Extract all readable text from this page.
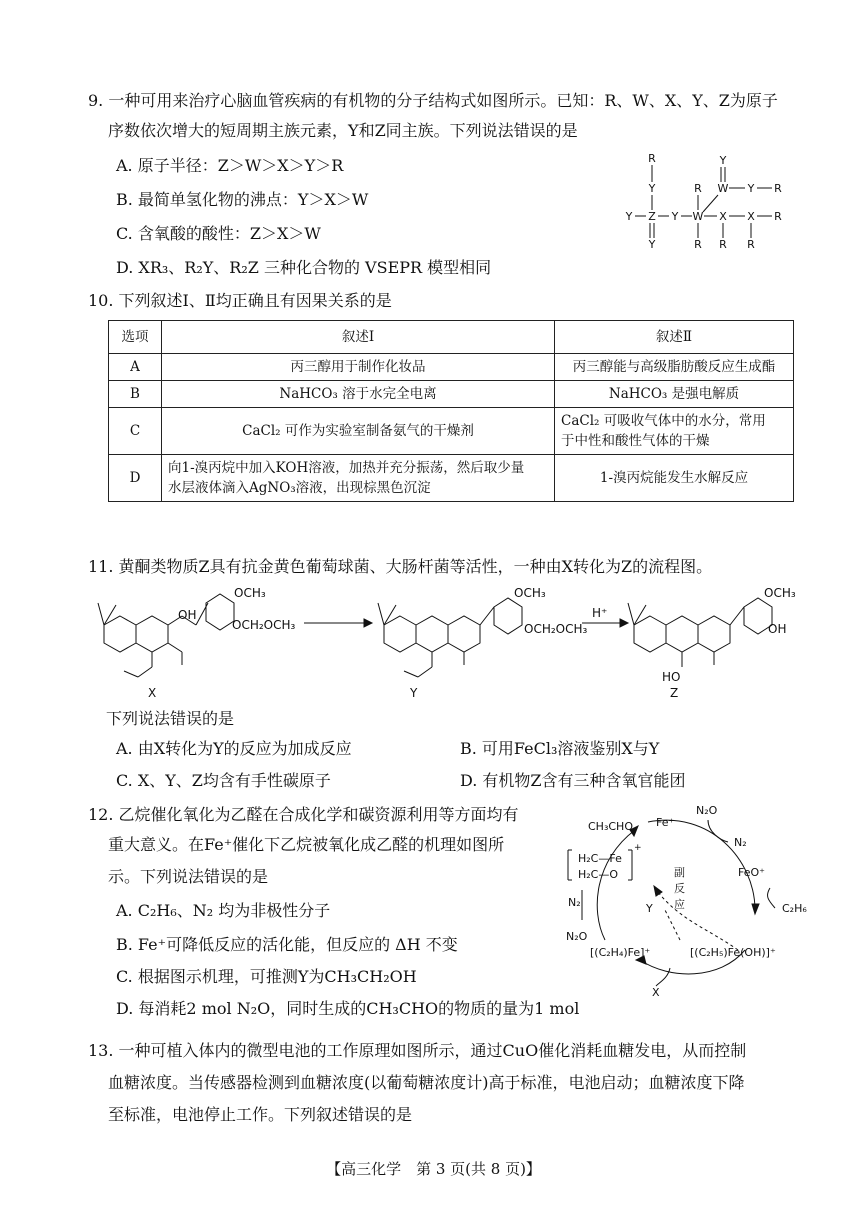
9. 一种可用来治疗心脑血管疾病的有机物的分子结构式如图所示。已知：R、W、X、Y、Z为原子
序数依次增大的短周期主族元素，Y和Z同主族。下列说法错误的是
A. 原子半径：Z＞W＞X＞Y＞R
B. 最简单氢化物的沸点：Y＞X＞W
C. 含氧酸的酸性：Z＞X＞W
D. XR₃、R₂Y、R₂Z 三种化合物的 VSEPR 模型相同
R
Y
Y Z Y
Y
R
W
R
Y
W Y R
X X R
R R
10. 下列叙述Ⅰ、Ⅱ均正确且有因果关系的是
选项	叙述Ⅰ	叙述Ⅱ
A	丙三醇用于制作化妆品	丙三醇能与高级脂肪酸反应生成酯
B	NaHCO₃ 溶于水完全电离	NaHCO₃ 是强电解质
C	CaCl₂ 可作为实验室制备氨气的干燥剂	CaCl₂ 可吸收气体中的水分，常用
于中性和酸性气体的干燥

D	向1-溴丙烷中加入KOH溶液，加热并充分振荡，然后取少量
水层液体滴入AgNO₃溶液，出现棕黑色沉淀	1-溴丙烷能发生水解反应
11. 黄酮类物质Z具有抗金黄色葡萄球菌、大肠杆菌等活性，一种由X转化为Z的流程图。
OH
OCH₃
OCH₂OCH₃
OCH₃
OCH₂OCH₃
H⁺
OCH₃
OH
HO
X	Y	Z
下列说法错误的是
A. 由X转化为Y的反应为加成反应	B. 可用FeCl₃溶液鉴别X与Y
C. X、Y、Z均含有手性碳原子	D. 有机物Z含有三种含氧官能团
12. 乙烷催化氧化为乙醛在合成化学和碳资源利用等方面均有
重大意义。在Fe⁺催化下乙烷被氧化成乙醛的机理如图所
示。下列说法错误的是
A. C₂H₆、N₂ 均为非极性分子
B. Fe⁺可降低反应的活化能，但反应的 ΔH 不变
C. 根据图示机理，可推测Y为CH₃CH₂OH
D. 每消耗2 mol N₂O，同时生成的CH₃CHO的物质的量为1 mol
CH₃CHO Fe⁺
N₂O
N₂
FeO⁺
C₂H₆
副
反
应
Y
[(C₂H₅)Fe(OH)]⁺
[(C₂H₄)Fe]⁺
X
N₂
N₂O
H₂C—Fe
H₂C—O
+
13. 一种可植入体内的微型电池的工作原理如图所示，通过CuO催化消耗血糖发电，从而控制
血糖浓度。当传感器检测到血糖浓度(以葡萄糖浓度计)高于标准，电池启动；血糖浓度下降
至标准，电池停止工作。下列叙述错误的是
【高三化学　第 3 页(共 8 页)】
